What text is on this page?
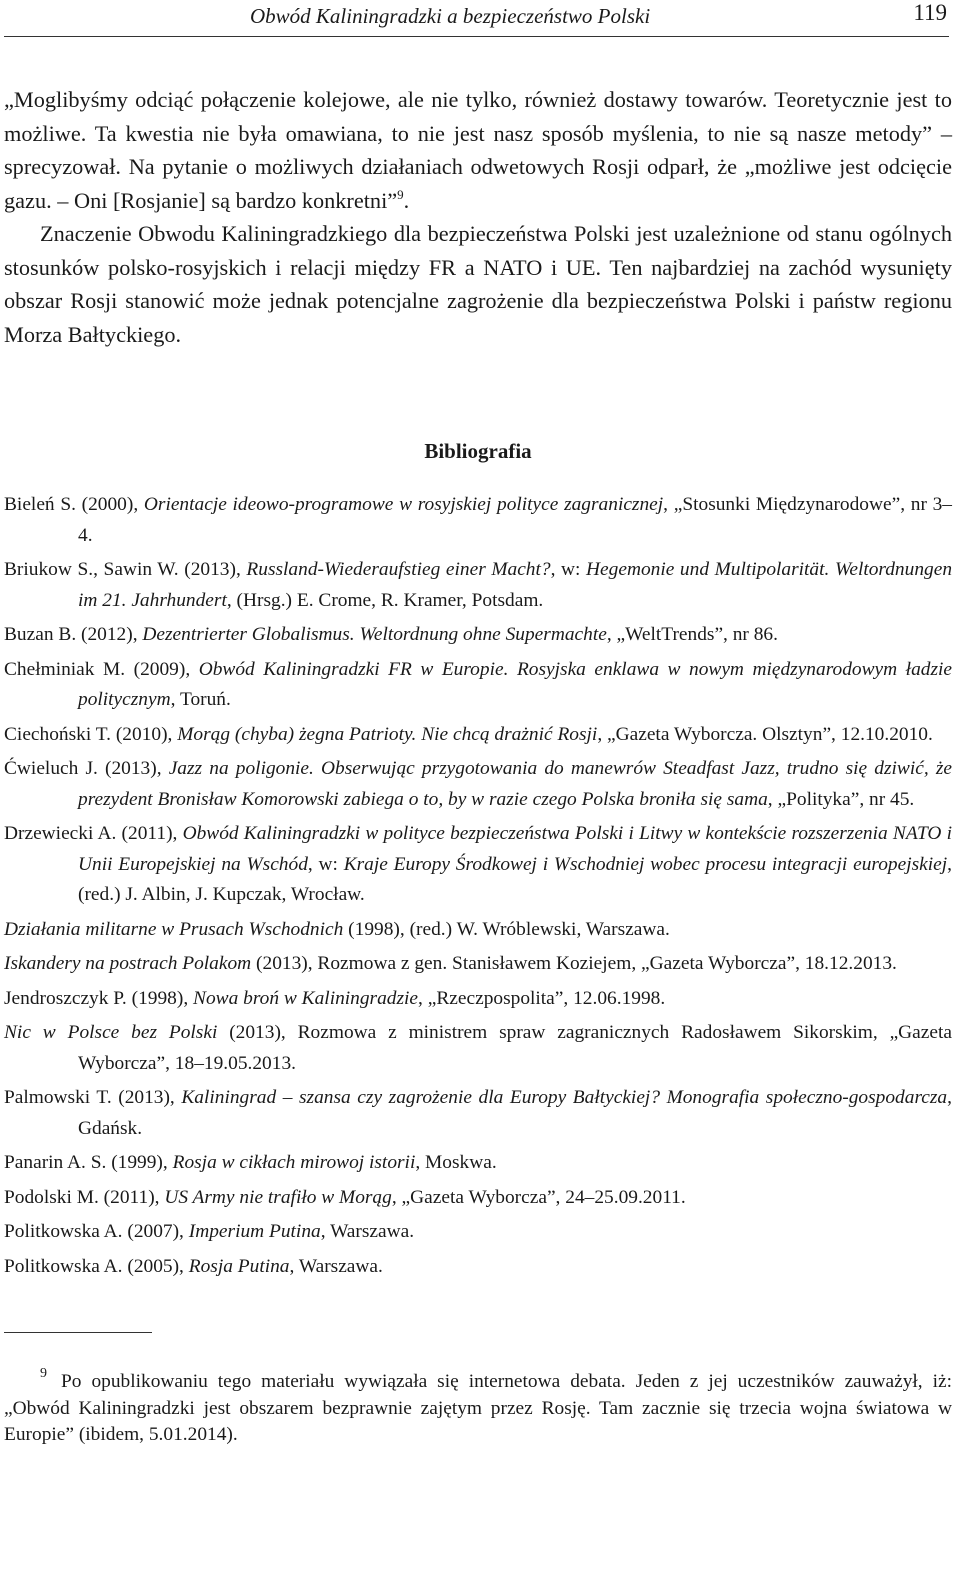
Obwód Kaliningradzki a bezpieczeństwo Polski	119

„Moglibyśmy odciąć połączenie kolejowe, ale nie tylko, również dostawy towarów. Teoretycznie jest to możliwe. Ta kwestia nie była omawiana, to nie jest nasz sposób myślenia, to nie są nasze metody” – sprecyzował. Na pytanie o możliwych działaniach odwetowych Rosji odparł, że „możliwe jest odcięcie gazu. – Oni [Rosjanie] są bardzo konkretni”$^9$.

Znaczenie Obwodu Kaliningradzkiego dla bezpieczeństwa Polski jest uzależnione od stanu ogólnych stosunków polsko-rosyjskich i relacji między FR a NATO i UE. Ten najbardziej na zachód wysunięty obszar Rosji stanowić może jednak potencjalne zagrożenie dla bezpieczeństwa Polski i państw regionu Morza Bałtyckiego.

Bibliografia
Bieleń S. (2000), Orientacje ideowo-programowe w rosyjskiej polityce zagranicznej, „Stosunki Międzynarodowe”, nr 3–4.
Briukow S., Sawin W. (2013), Russland-Wiederaufstieg einer Macht?, w: Hegemonie und Multipolarität. Weltordnungen im 21. Jahrhundert, (Hrsg.) E. Crome, R. Kramer, Potsdam.
Buzan B. (2012), Dezentrierter Globalismus. Weltordnung ohne Supermachte, „WeltTrends”, nr 86.
Chełminiak M. (2009), Obwód Kaliningradzki FR w Europie. Rosyjska enklawa w nowym międzynarodowym ładzie politycznym, Toruń.
Ciechoński T. (2010), Morąg (chyba) żegna Patrioty. Nie chcą drażnić Rosji, „Gazeta Wyborcza. Olsztyn”, 12.10.2010.
Ćwieluch J. (2013), Jazz na poligonie. Obserwując przygotowania do manewrów Steadfast Jazz, trudno się dziwić, że prezydent Bronisław Komorowski zabiega o to, by w razie czego Polska broniła się sama, „Polityka”, nr 45.
Drzewiecki A. (2011), Obwód Kaliningradzki w polityce bezpieczeństwa Polski i Litwy w kontekście rozszerzenia NATO i Unii Europejskiej na Wschód, w: Kraje Europy Środkowej i Wschodniej wobec procesu integracji europejskiej, (red.) J. Albin, J. Kupczak, Wrocław.
Działania militarne w Prusach Wschodnich (1998), (red.) W. Wróblewski, Warszawa.
Iskandery na postrach Polakom (2013), Rozmowa z gen. Stanisławem Koziejem, „Gazeta Wyborcza”, 18.12.2013.
Jendroszczyk P. (1998), Nowa broń w Kaliningradzie, „Rzeczpospolita”, 12.06.1998.
Nic w Polsce bez Polski (2013), Rozmowa z ministrem spraw zagranicznych Radosławem Sikorskim, „Gazeta Wyborcza”, 18–19.05.2013.
Palmowski T. (2013), Kaliningrad – szansa czy zagrożenie dla Europy Bałtyckiej? Monografia społeczno-gospodarcza, Gdańsk.
Panarin A. S. (1999), Rosja w cikłach mirowoj istorii, Moskwa.
Podolski M. (2011), US Army nie trafiło w Morąg, „Gazeta Wyborcza”, 24–25.09.2011.
Politkowska A. (2007), Imperium Putina, Warszawa.
Politkowska A. (2005), Rosja Putina, Warszawa.
9 Po opublikowaniu tego materiału wywiązała się internetowa debata. Jeden z jej uczestników zauważył, iż: „Obwód Kaliningradzki jest obszarem bezprawnie zajętym przez Rosję. Tam zacznie się trzecia wojna światowa w Europie” (ibidem, 5.01.2014).
